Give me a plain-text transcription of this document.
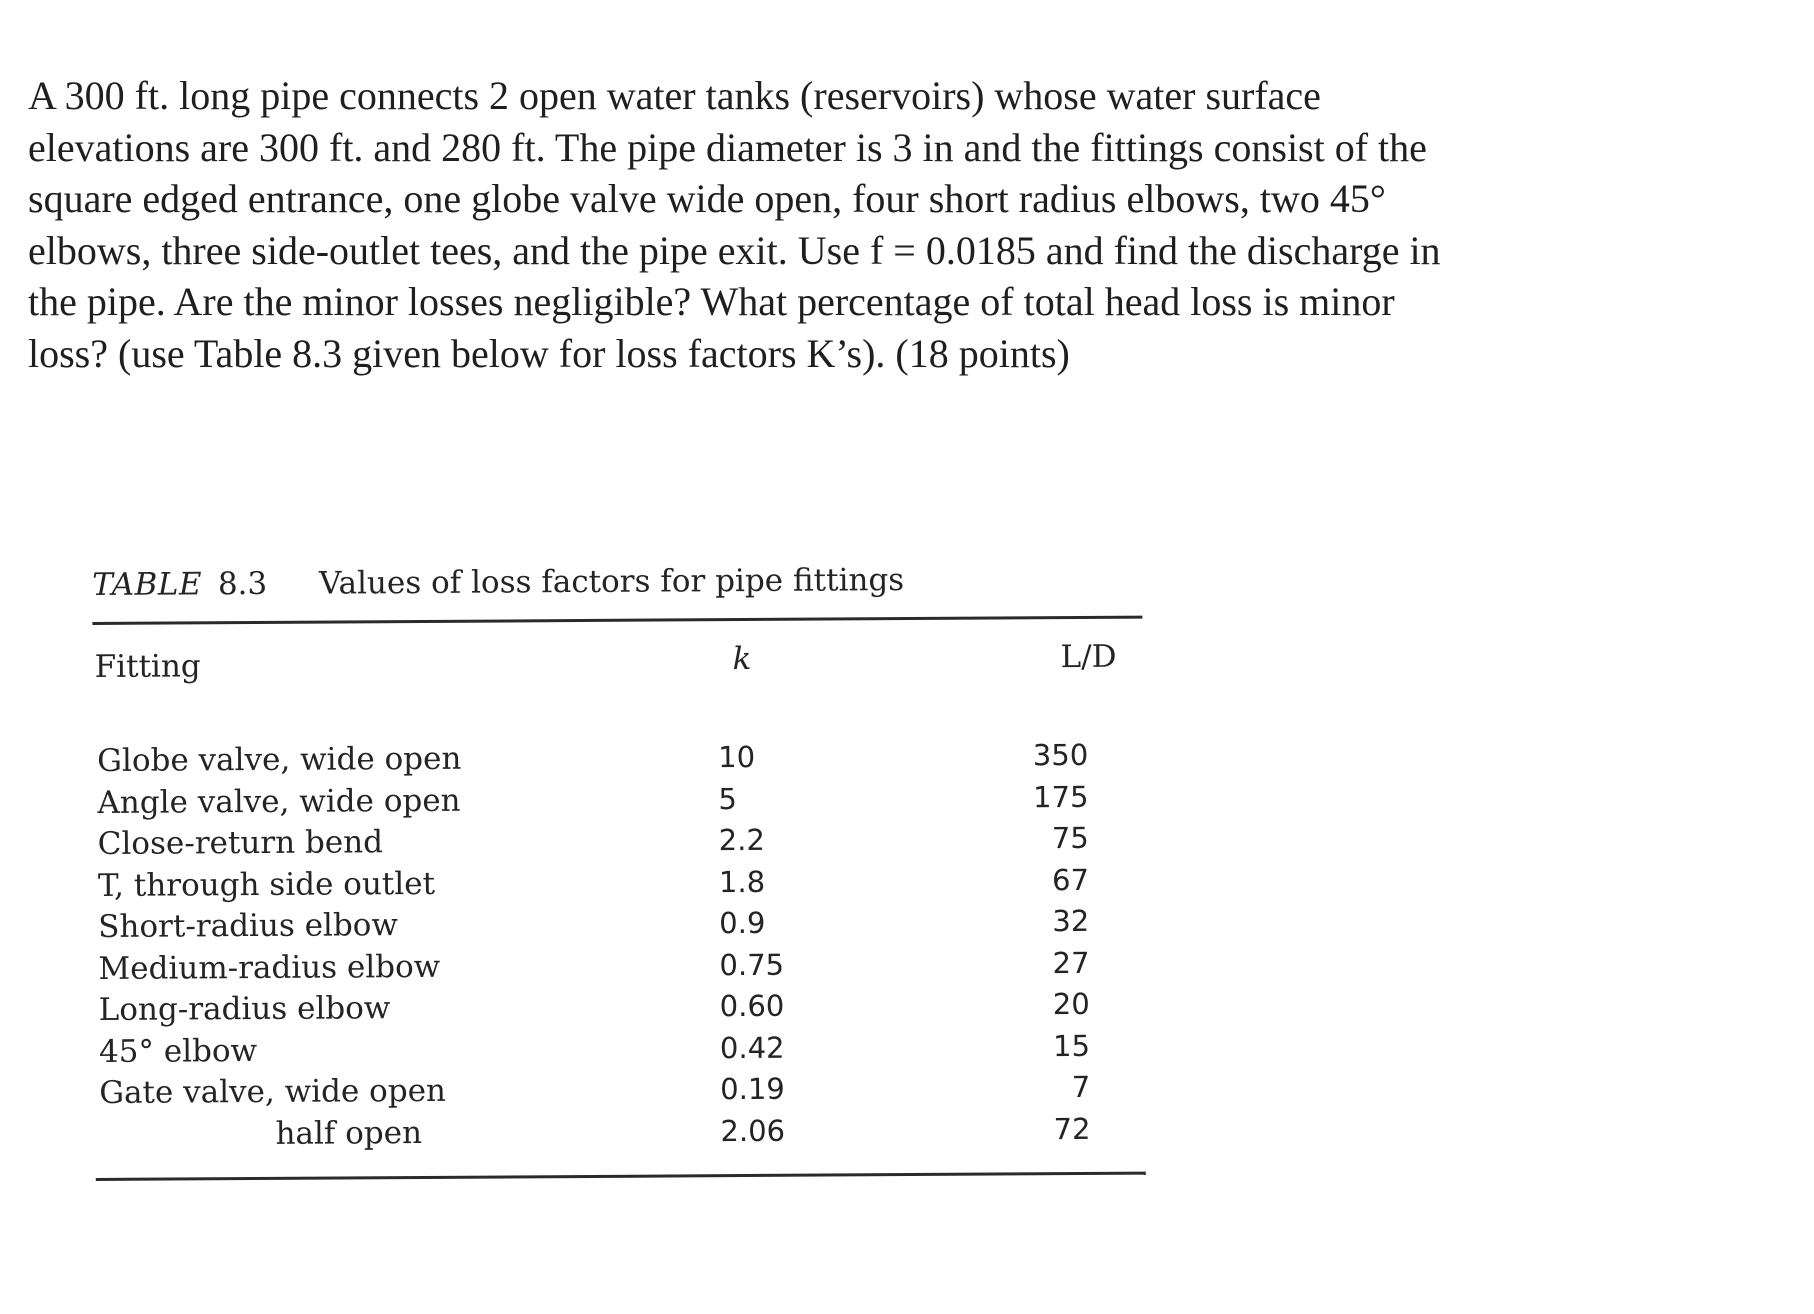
A 300 ft. long pipe connects 2 open water tanks (reservoirs) whose water surface
elevations are 300 ft. and 280 ft. The pipe diameter is 3 in and the fittings consist of the
square edged entrance, one globe valve wide open, four short radius elbows, two 45°
elbows, three side-outlet tees, and the pipe exit. Use f = 0.0185 and find the discharge in
the pipe. Are the minor losses negligible? What percentage of total head loss is minor
loss? (use Table 8.3 given below for loss factors K’s). (18 points)

TABLE 8.3 Values of loss factors for pipe fittings
Fitting	k	L/D
Globe valve, wide open	10	350
Angle valve, wide open	5	175
Close-return bend	2.2	75
T, through side outlet	1.8	67
Short-radius elbow	0.9	32
Medium-radius elbow	0.75	27
Long-radius elbow	0.60	20
45° elbow	0.42	15
Gate valve, wide open	0.19	7
half open	2.06	72
